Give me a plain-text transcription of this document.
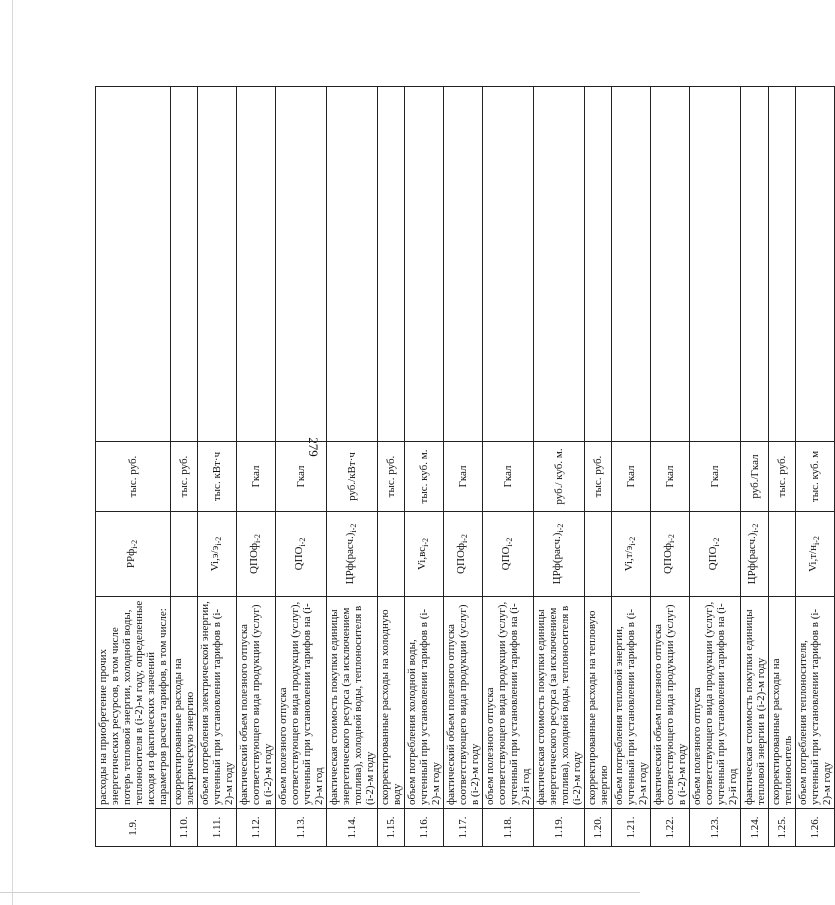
279
1.9.	расходы на приобретение прочих энергетических ресурсов, в том числе потерь тепловой энергии, холодной воды, теплоносителя в (i-2)-м году, определенные исходя из фактических значений параметров расчета тарифов, в том числе:	РРф$_{i-2}$	тыс. руб.	
1.10.	скорректированные расходы на электрическую энергию		тыс. руб.	
1.11.	объем потребления электрической энергии, учтенный при установлении тарифов в (i-2)-м году	$Vi,э/э_{i-2}$	тыс. кВт·ч	
1.12.	фактический объем полезного отпуска соответствующего вида продукции (услуг) в (i-2)-м году	QПОф$_{i-2}$	Гкал	
1.13.	объем полезного отпуска соответствующего вида продукции (услуг), учтенный при установлении тарифов на (i-2)-м год	$QПО_{i-2}$	Гкал	
1.14.	фактическая стоимость покупки единицы энергетического ресурса (за исключением топлива), холодной воды, теплоносителя в (i-2)-м году	$ЦРф(расч.)_{i-2}$	руб./кВт·ч	
1.15.	скорректированные расходы на холодную воду		тыс. руб.	
1.16.	объем потребления холодной воды, учтенный при установлении тарифов в (i-2)-м году	$Vi,вс_{i-2}$	тыс. куб. м.	
1.17.	фактический объем полезного отпуска соответствующего вида продукции (услуг) в (i-2)-м году	QПОф$_{i-2}$	Гкал	
1.18.	объем полезного отпуска соответствующего вида продукции (услуг), учтенный при установлении тарифов на (i-2)-й год	$QПО_{i-2}$	Гкал	
1.19.	фактическая стоимость покупки единицы энергетического ресурса (за исключением топлива), холодной воды, теплоносителя в (i-2)-м году	$ЦРф(расч.)_{i-2}$	руб./ куб. м.	
1.20.	скорректированные расходы на тепловую энергию		тыс. руб.	
1.21.	объем потребления тепловой энергии, учтенный при установлении тарифов в (i-2)-м году	$Vi,т/э_{i-2}$	Гкал	
1.22.	фактический объем полезного отпуска соответствующего вида продукции (услуг) в (i-2)-м году	QПОф$_{i-2}$	Гкал	
1.23.	объем полезного отпуска соответствующего вида продукции (услуг), учтенный при установлении тарифов на (i-2)-й год	$QПО_{i-2}$	Гкал	
1.24.	фактическая стоимость покупки единицы тепловой энергии в (i-2)-м году	$ЦРф(расч.)_{i-2}$	руб./Гкал	
1.25.	скорректированные расходы на теплоноситель		тыс. руб.	
1.26.	объем потребления теплоносителя, учтенный при установлении тарифов в (i-2)-м году	$Vi,т/н_{i-2}$	тыс. куб. м	
